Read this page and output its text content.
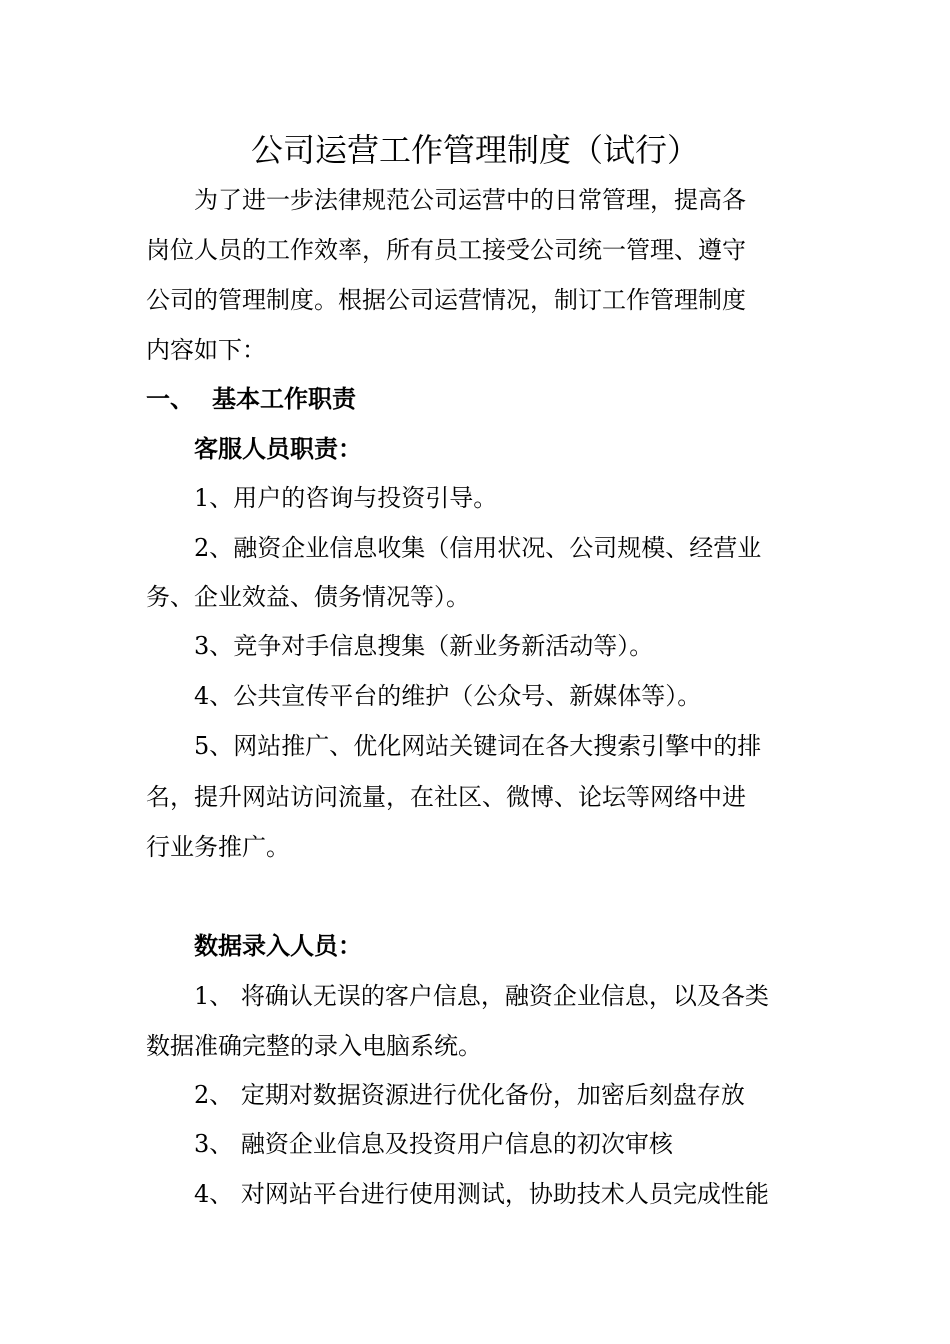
公司运营工作管理制度（试行）
为了进一步法律规范公司运营中的日常管理，提高各
岗位人员的工作效率，所有员工接受公司统一管理、遵守
公司的管理制度。根据公司运营情况，制订工作管理制度
内容如下：
一、 基本工作职责
客服人员职责：
1、用户的咨询与投资引导。
2、融资企业信息收集（信用状况、公司规模、经营业
务、企业效益、债务情况等）。
3、竞争对手信息搜集（新业务新活动等）。
4、公共宣传平台的维护（公众号、新媒体等）。
5、网站推广、优化网站关键词在各大搜索引擎中的排
名，提升网站访问流量，在社区、微博、论坛等网络中进
行业务推广。
数据录入人员：
1、 将确认无误的客户信息，融资企业信息，以及各类
数据准确完整的录入电脑系统。
2、 定期对数据资源进行优化备份，加密后刻盘存放
3、 融资企业信息及投资用户信息的初次审核
4、 对网站平台进行使用测试，协助技术人员完成性能
